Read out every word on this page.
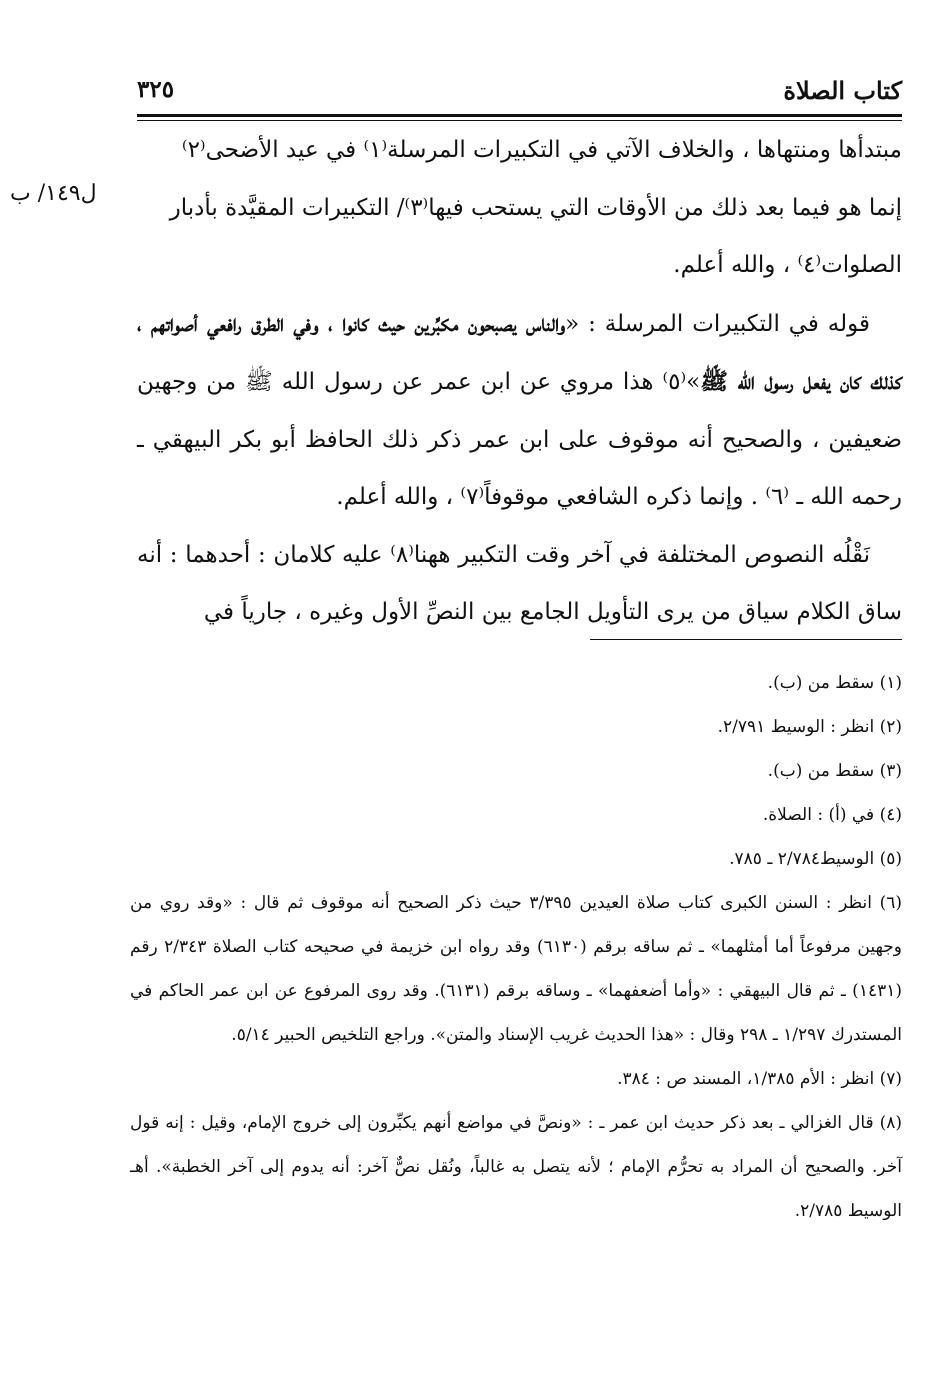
كتاب الصلاة
٣٢٥
ل١٤٩/ ب

مبتدأها ومنتهاها ، والخلاف الآتي في التكبيرات المرسلة⁽١⁾ في عيد الأضحى⁽٢⁾

إنما هو فيما بعد ذلك من الأوقات التي يستحب فيها⁽٣⁾/ التكبيرات المقيَّدة بأدبار

الصلوات⁽٤⁾ ، والله أعلم.

قوله في التكبيرات المرسلة : «والناس يصبحون مكبِّرين حيث كانوا ، وفي الطرق رافعي أصواتهم ، كذلك كان يفعل رسول الله ﷺ»⁽٥⁾ هذا مروي عن ابن عمر عن رسول الله ﷺ من وجهين ضعيفين ، والصحيح أنه موقوف على ابن عمر ذكر ذلك الحافظ أبو بكر البيهقي ـ رحمه الله ـ ⁽٦⁾ . وإنما ذكره الشافعي موقوفاً⁽٧⁾ ، والله أعلم.

نَقْلُه النصوص المختلفة في آخر وقت التكبير ههنا⁽٨⁾ عليه كلامان : أحدهما : أنه ساق الكلام سياق من يرى التأويل الجامع بين النصِّ الأول وغيره ، جارياً في

(١) سقط من (ب).

(٢) انظر : الوسيط ٢/٧٩١.

(٣) سقط من (ب).

(٤) في (أ) : الصلاة.

(٥) الوسيط٢/٧٨٤ ـ ٧٨٥.

(٦) انظر : السنن الكبرى كتاب صلاة العيدين ٣/٣٩٥ حيث ذكر الصحيح أنه موقوف ثم قال : «وقد روي من وجهين مرفوعاً أما أمثلهما» ـ ثم ساقه برقم (٦١٣٠) وقد رواه ابن خزيمة في صحيحه كتاب الصلاة ٢/٣٤٣ رقم (١٤٣١) ـ ثم قال البيهقي : «وأما أضعفهما» ـ وساقه برقم (٦١٣١). وقد روى المرفوع عن ابن عمر الحاكم في المستدرك ١/٢٩٧ ـ ٢٩٨ وقال : «هذا الحديث غريب الإسناد والمتن». وراجع التلخيص الحبير ٥/١٤.

(٧) انظر : الأم ١/٣٨٥، المسند ص : ٣٨٤.

(٨) قال الغزالي ـ بعد ذكر حديث ابن عمر ـ : «ونصَّ في مواضع أنهم يكبِّرون إلى خروج الإمام، وقيل : إنه قول آخر. والصحيح أن المراد به تحرُّم الإمام ؛ لأنه يتصل به غالباً، ونُقل نصٌّ آخر: أنه يدوم إلى آخر الخطبة». أهـ الوسيط ٢/٧٨٥.
